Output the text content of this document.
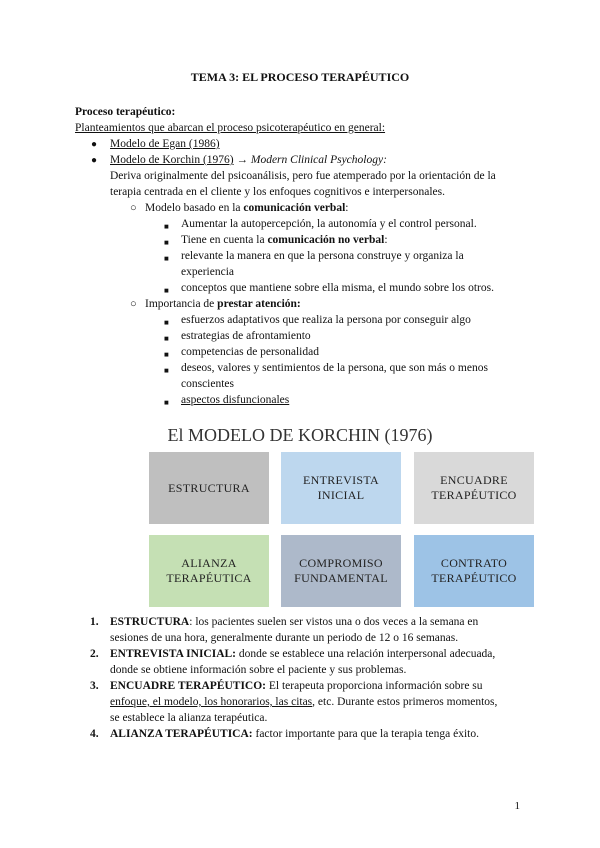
TEMA 3: EL PROCESO TERAPÉUTICO
Proceso terapéutico:
Planteamientos que abarcan el proceso psicoterapéutico en general:
● Modelo de Egan (1986)
● Modelo de Korchin (1976) → Modern Clinical Psychology:
Deriva originalmente del psicoanálisis, pero fue atemperado por la orientación de la
terapia centrada en el cliente y los enfoques cognitivos e interpersonales.
○ Modelo basado en la comunicación verbal:
■ Aumentar la autopercepción, la autonomía y el control personal.
■ Tiene en cuenta la comunicación no verbal:
■ relevante la manera en que la persona construye y organiza la
experiencia
■ conceptos que mantiene sobre ella misma, el mundo sobre los otros.
○ Importancia de prestar atención:
■ esfuerzos adaptativos que realiza la persona por conseguir algo
■ estrategias de afrontamiento
■ competencias de personalidad
■ deseos, valores y sentimientos de la persona, que son más o menos
conscientes
■ aspectos disfuncionales
El MODELO DE KORCHIN (1976)
ESTRUCTURA
ENTREVISTA
INICIAL
ENCUADRE
TERAPÉUTICO
ALIANZA
TERAPÉUTICA
COMPROMISO
FUNDAMENTAL
CONTRATO
TERAPÉUTICO
1. ESTRUCTURA: los pacientes suelen ser vistos una o dos veces a la semana en
sesiones de una hora, generalmente durante un periodo de 12 o 16 semanas.
2. ENTREVISTA INICIAL: donde se establece una relación interpersonal adecuada,
donde se obtiene información sobre el paciente y sus problemas.
3. ENCUADRE TERAPÉUTICO: El terapeuta proporciona información sobre su
enfoque, el modelo, los honorarios, las citas, etc. Durante estos primeros momentos,
se establece la alianza terapéutica.
4. ALIANZA TERAPÉUTICA: factor importante para que la terapia tenga éxito.
1
